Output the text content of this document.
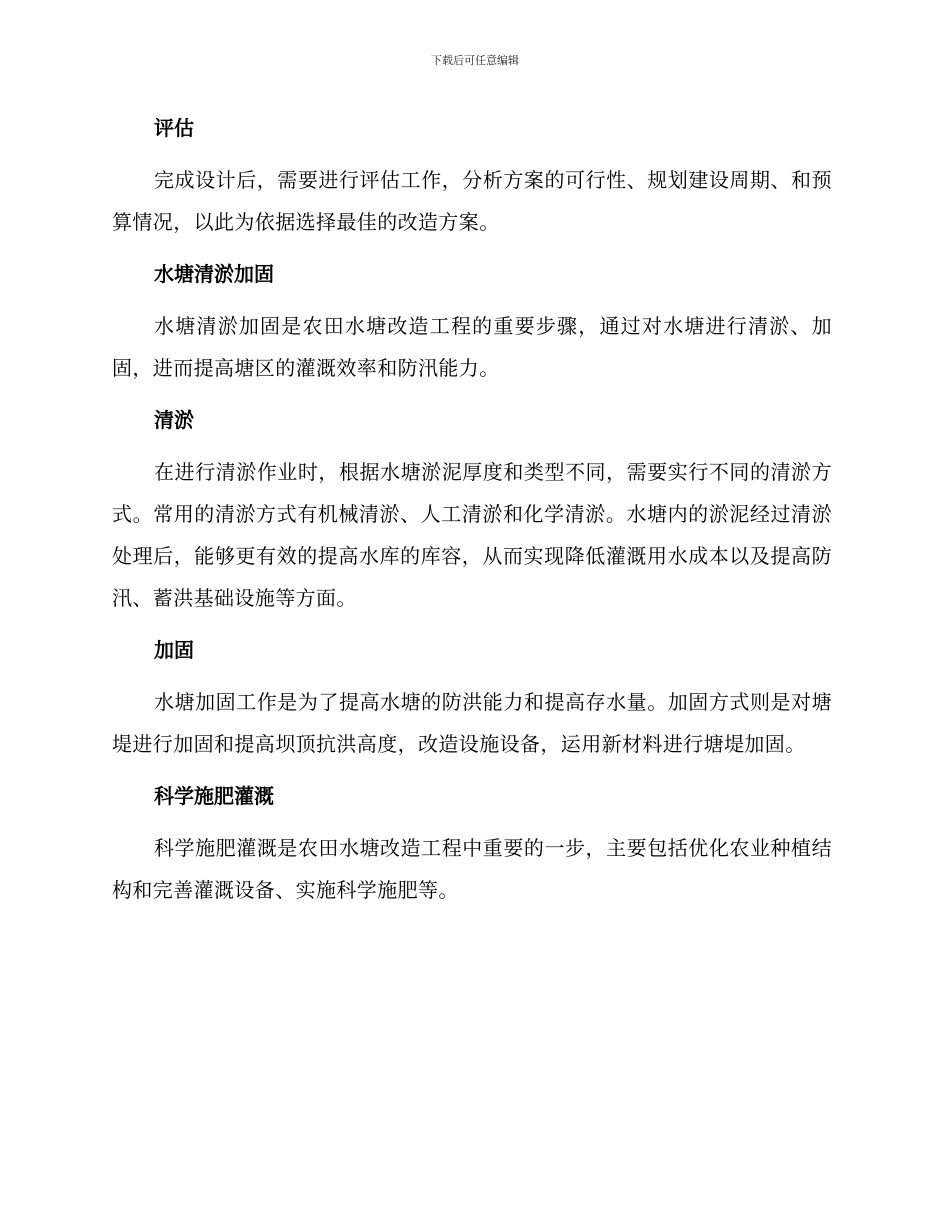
下载后可任意编辑
评估

完成设计后，需要进行评估工作，分析方案的可行性、规划建设周期、和预算情况，以此为依据选择最佳的改造方案。

水塘清淤加固

水塘清淤加固是农田水塘改造工程的重要步骤，通过对水塘进行清淤、加固，进而提高塘区的灌溉效率和防汛能力。

清淤

在进行清淤作业时，根据水塘淤泥厚度和类型不同，需要实行不同的清淤方式。常用的清淤方式有机械清淤、人工清淤和化学清淤。水塘内的淤泥经过清淤处理后，能够更有效的提高水库的库容，从而实现降低灌溉用水成本以及提高防汛、蓄洪基础设施等方面。

加固

水塘加固工作是为了提高水塘的防洪能力和提高存水量。加固方式则是对塘堤进行加固和提高坝顶抗洪高度，改造设施设备，运用新材料进行塘堤加固。

科学施肥灌溉

科学施肥灌溉是农田水塘改造工程中重要的一步，主要包括优化农业种植结构和完善灌溉设备、实施科学施肥等。
